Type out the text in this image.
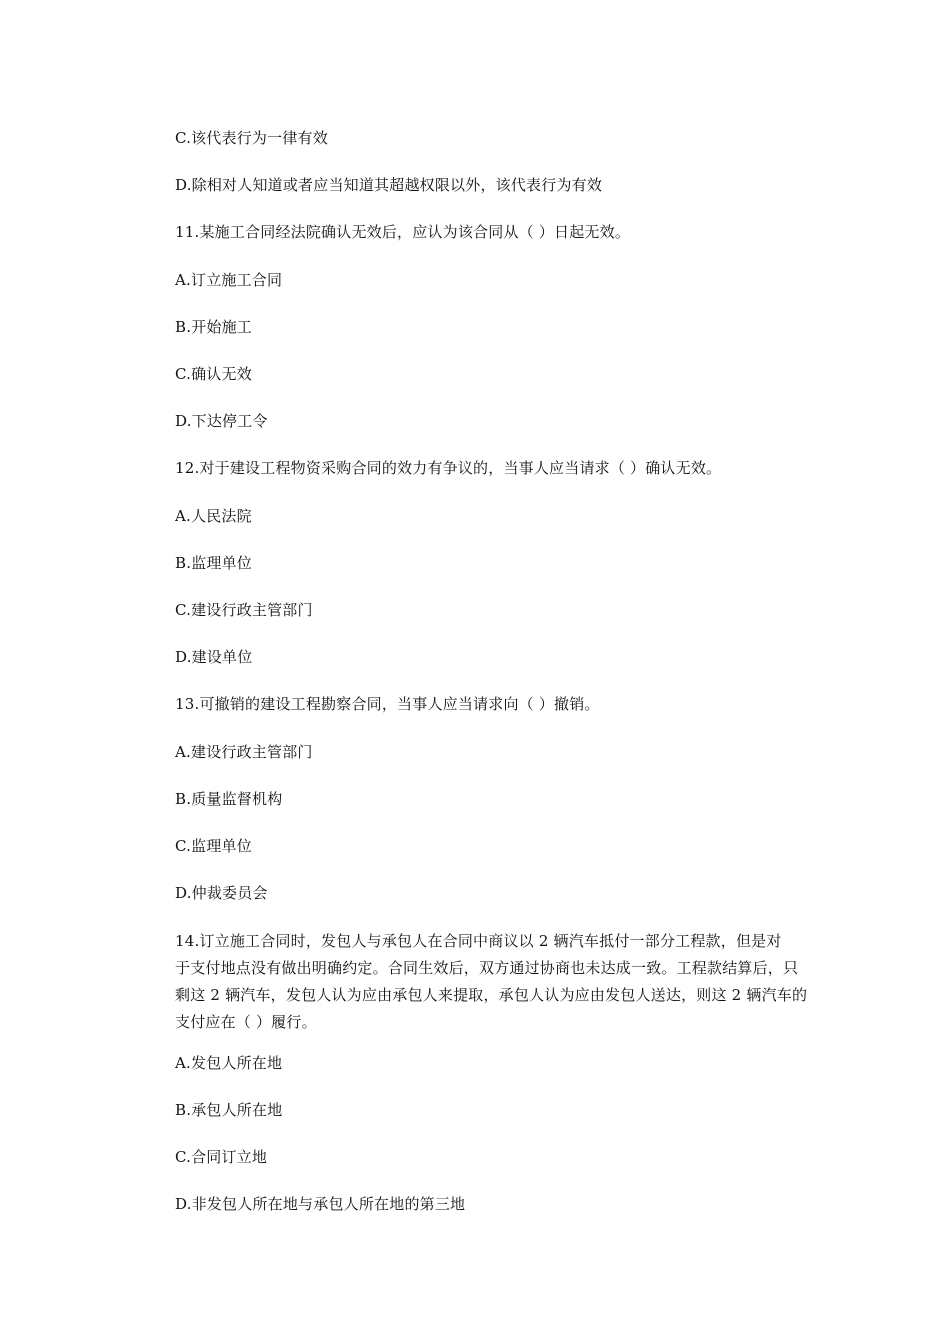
C.该代表行为一律有效
D.除相对人知道或者应当知道其超越权限以外，该代表行为有效
11.某施工合同经法院确认无效后，应认为该合同从（ ）日起无效。
A.订立施工合同
B.开始施工
C.确认无效
D.下达停工令
12.对于建设工程物资采购合同的效力有争议的，当事人应当请求（ ）确认无效。
A.人民法院
B.监理单位
C.建设行政主管部门
D.建设单位
13.可撤销的建设工程勘察合同，当事人应当请求向（ ）撤销。
A.建设行政主管部门
B.质量监督机构
C.监理单位
D.仲裁委员会
14.订立施工合同时，发包人与承包人在合同中商议以 2 辆汽车抵付一部分工程款，但是对
于支付地点没有做出明确约定。合同生效后，双方通过协商也未达成一致。工程款结算后，只
剩这 2 辆汽车，发包人认为应由承包人来提取，承包人认为应由发包人送达，则这 2 辆汽车的
支付应在（ ）履行。
A.发包人所在地
B.承包人所在地
C.合同订立地
D.非发包人所在地与承包人所在地的第三地
